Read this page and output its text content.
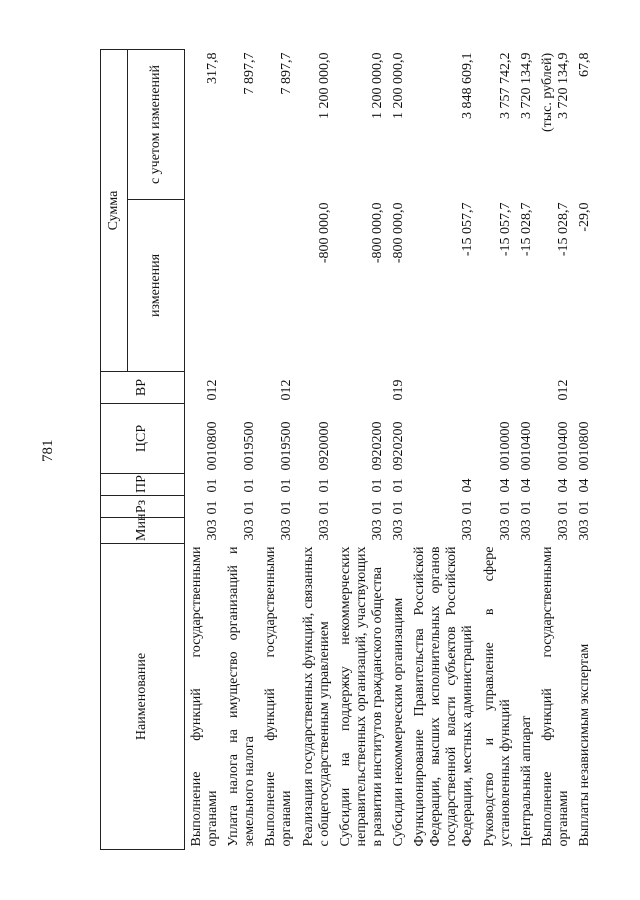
781
(тыс. рублей)
Наименование	Мин	Рз	ПР	ЦСР	ВР	Сумма	
						изменения	с учетом изменений
Выполнение функций государственными органами	303	01	01	0010800	012		317,8
Уплата налога на имущество организаций и земельного налога	303	01	01	0019500			7 897,7
Выполнение функций государственными органами	303	01	01	0019500	012		7 897,7
Реализация государственных функций, связанных с общегосударственным управлением	303	01	01	0920000		-800 000,0	1 200 000,0
Субсидии на поддержку некоммерческих неправительственных организаций, участвующих в развитии институтов гражданского общества	303	01	01	0920200		-800 000,0	1 200 000,0
Субсидии некоммерческим организациям	303	01	01	0920200	019	-800 000,0	1 200 000,0
Функционирование Правительства Российской Федерации, высших исполнительных органов государственной власти субъектов Российской Федерации, местных администраций	303	01	04			-15 057,7	3 848 609,1
Руководство и управление в сфере установленных функций	303	01	04	0010000		-15 057,7	3 757 742,2
Центральный аппарат	303	01	04	0010400		-15 028,7	3 720 134,9
Выполнение функций государственными органами	303	01	04	0010400	012	-15 028,7	3 720 134,9
Выплаты независимым экспертам	303	01	04	0010800		-29,0	67,8
